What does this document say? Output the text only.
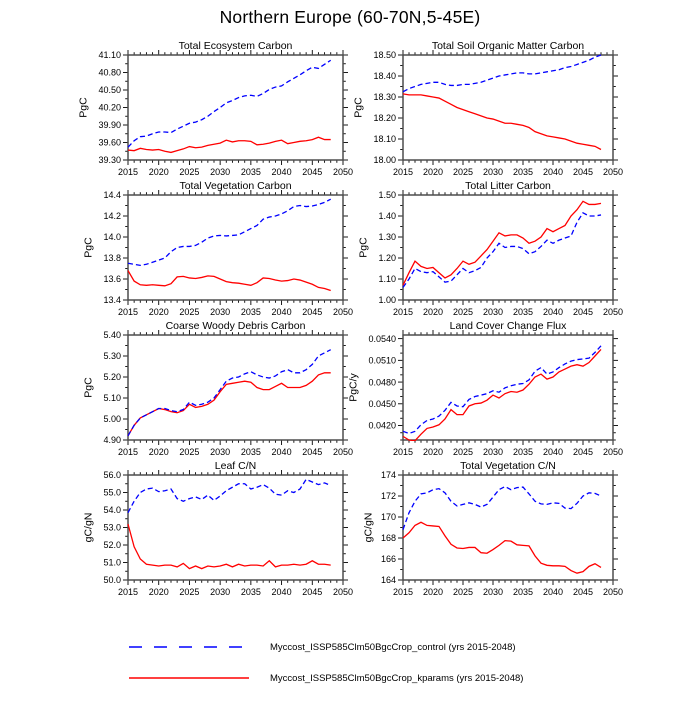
Total Ecosystem Carbon
PgC
2015 2020 2025 2030 2035 2040 2045 2050
39.30
39.60
39.90
40.20
40.50
40.80
41.10
Total Soil Organic Matter Carbon
PgC
2015 2020 2025 2030 2035 2040 2045 2050
18.00
18.10
18.20
18.30
18.40
18.50
Total Vegetation Carbon
PgC
2015 2020 2025 2030 2035 2040 2045 2050
13.4
13.6
13.8
14.0
14.2
14.4
Total Litter Carbon
PgC
2015 2020 2025 2030 2035 2040 2045 2050
1.00
1.10
1.20
1.30
1.40
1.50
Coarse Woody Debris Carbon
PgC
2015 2020 2025 2030 2035 2040 2045 2050
4.90
5.00
5.10
5.20
5.30
5.40
Land Cover Change Flux
PgC/y
2015 2020 2025 2030 2035 2040 2045 2050
0.0420
0.0450
0.0480
0.0510
0.0540
Leaf C/N
gC/gN
2015 2020 2025 2030 2035 2040 2045 2050
50.0
51.0
52.0
53.0
54.0
55.0
56.0
Total Vegetation C/N
gC/gN
2015 2020 2025 2030 2035 2040 2045 2050
164
166
168
170
172
174
Northern Europe (60-70N,5-45E)
Myccost_ISSP585Clm50BgcCrop_control (yrs 2015-2048)
Myccost_ISSP585Clm50BgcCrop_kparams (yrs 2015-2048)
